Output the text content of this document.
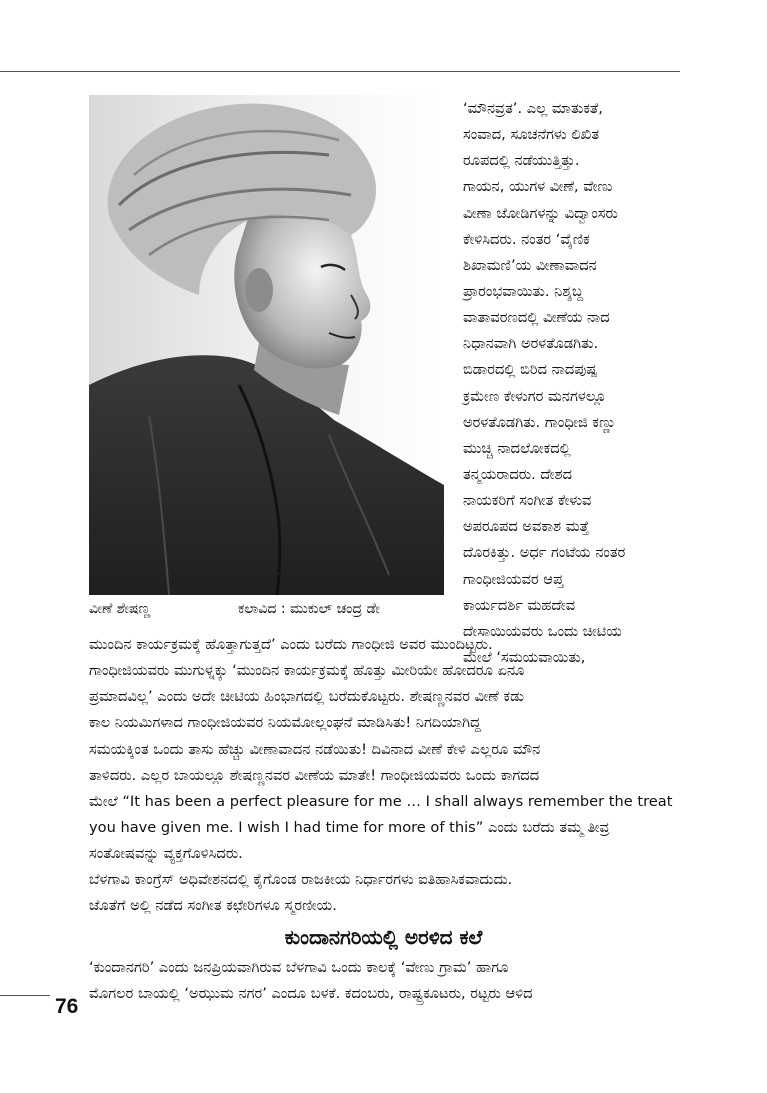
ವೀಣೆ ಶೇಷಣ್ಣ	ಕಲಾವಿದ : ಮುಕುಲ್ ಚಂದ್ರ ಡೇ
‘ಮೌನವ್ರತ’. ಎಲ್ಲ ಮಾತುಕತೆ,
ಸಂವಾದ, ಸೂಚನೆಗಳು ಲಿಖಿತ
ರೂಪದಲ್ಲಿ ನಡೆಯುತ್ತಿತ್ತು.
ಗಾಯನ, ಯುಗಳ ವೀಣೆ, ವೇಣು
ವೀಣಾ ಜೋಡಿಗಳನ್ನು ವಿದ್ವಾಂಸರು
ಕೇಳಿಸಿದರು. ನಂತರ ‘ವೈಣಿಕ
ಶಿಖಾಮಣಿ’ಯ ವೀಣಾವಾದನ
ಪ್ರಾರಂಭವಾಯಿತು. ನಿಶ್ಶಬ್ದ
ವಾತಾವರಣದಲ್ಲಿ ವೀಣೆಯ ನಾದ
ನಿಧಾನವಾಗಿ ಅರಳತೊಡಗಿತು.
ಬಿಡಾರದಲ್ಲಿ ಬಿರಿದ ನಾದಪುಷ್ಪ
ಕ್ರಮೇಣ ಕೇಳುಗರ ಮನಗಳಲ್ಲೂ
ಅರಳತೊಡಗಿತು. ಗಾಂಧೀಜಿ ಕಣ್ಣು
ಮುಚ್ಚಿ ನಾದಲೋಕದಲ್ಲಿ
ತನ್ಮಯರಾದರು. ದೇಶದ
ನಾಯಕರಿಗೆ ಸಂಗೀತ ಕೇಳುವ
ಅಪರೂಪದ ಅವಕಾಶ ಮತ್ತೆ
ದೊರಕಿತ್ತು. ಅರ್ಧ ಗಂಟೆಯ ನಂತರ
ಗಾಂಧೀಜಿಯವರ ಆಪ್ತ
ಕಾರ್ಯದರ್ಶಿ ಮಹದೇವ
ದೇಸಾಯಿಯವರು ಒಂದು ಚೀಟಿಯ
ಮೇಲೆ ‘ಸಮಯವಾಯಿತು,
ಮುಂದಿನ ಕಾರ್ಯಕ್ರಮಕ್ಕೆ ಹೊತ್ತಾಗುತ್ತದೆ’ ಎಂದು ಬರೆದು ಗಾಂಧೀಜಿ ಅವರ ಮುಂದಿಟ್ಟರು.
ಗಾಂಧೀಜಿಯವರು ಮುಗುಳ್ನಕ್ಕು ‘ಮುಂದಿನ ಕಾರ್ಯಕ್ರಮಕ್ಕೆ ಹೊತ್ತು ಮೀರಿಯೇ ಹೋದರೂ ಏನೂ
ಪ್ರಮಾದವಿಲ್ಲ’ ಎಂದು ಅದೇ ಚೀಟಿಯ ಹಿಂಭಾಗದಲ್ಲಿ ಬರೆದುಕೊಟ್ಟರು. ಶೇಷಣ್ಣನವರ ವೀಣೆ ಕಡು
ಕಾಲ ನಿಯಮಿಗಳಾದ ಗಾಂಧೀಜಿಯವರ ನಿಯಮೋಲ್ಲಂಘನೆ ಮಾಡಿಸಿತು! ನಿಗದಿಯಾಗಿದ್ದ
ಸಮಯಕ್ಕಿಂತ ಒಂದು ತಾಸು ಹೆಚ್ಚು ವೀಣಾವಾದನ ನಡೆಯಿತು! ದಿವಿನಾದ ವೀಣೆ ಕೇಳಿ ಎಲ್ಲರೂ ಮೌನ
ತಾಳಿದರು. ಎಲ್ಲರ ಬಾಯಲ್ಲೂ ಶೇಷಣ್ಣನವರ ವೀಣೆಯ ಮಾತೇ! ಗಾಂಧೀಜಿಯವರು ಒಂದು ಕಾಗದದ
ಮೇಲೆ “It has been a perfect pleasure for me … I shall always remember the treat
you have given me. I wish I had time for more of this” ಎಂದು ಬರೆದು ತಮ್ಮ ತೀವ್ರ
ಸಂತೋಷವನ್ನು ವ್ಯಕ್ತಗೊಳಿಸಿದರು.
ಬೆಳಗಾವಿ ಕಾಂಗ್ರೆಸ್ ಅಧಿವೇಶನದಲ್ಲಿ ಕೈಗೊಂಡ ರಾಜಕೀಯ ನಿರ್ಧಾರಗಳು ಐತಿಹಾಸಿಕವಾದುದು.
ಜೊತೆಗೆ ಅಲ್ಲಿ ನಡೆದ ಸಂಗೀತ ಕಛೇರಿಗಳೂ ಸ್ಮರಣೀಯ.
ಕುಂದಾನಗರಿಯಲ್ಲಿ ಅರಳಿದ ಕಲೆ
‘ಕುಂದಾನಗರಿ’ ಎಂದು ಜನಪ್ರಿಯವಾಗಿರುವ ಬೆಳಗಾವಿ ಒಂದು ಕಾಲಕ್ಕೆ ‘ವೇಣು ಗ್ರಾಮ’ ಹಾಗೂ
ಮೊಗಲರ ಬಾಯಲ್ಲಿ ‘ಅಝುಮ ನಗರ’ ಎಂದೂ ಬಳಕೆ. ಕದಂಬರು, ರಾಷ್ಟ್ರಕೂಟರು, ರಟ್ಟರು ಆಳಿದ
76
